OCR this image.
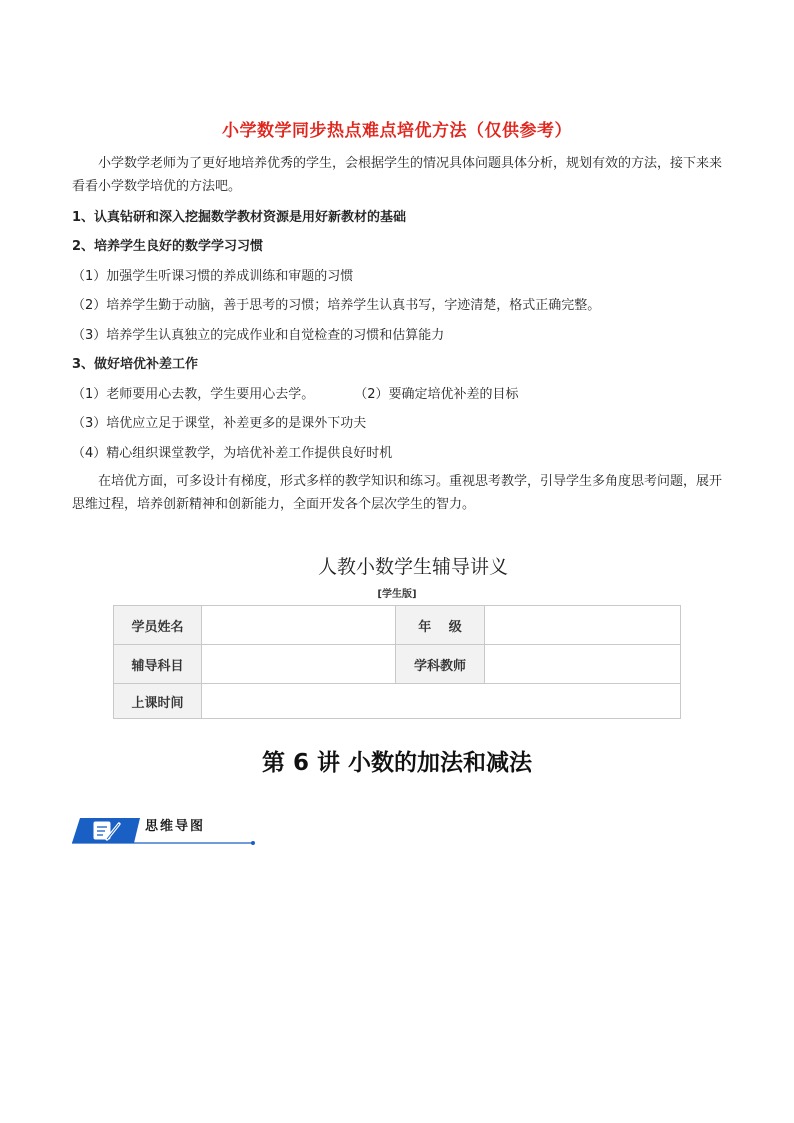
小学数学同步热点难点培优方法（仅供参考）
小学数学老师为了更好地培养优秀的学生，会根据学生的情况具体问题具体分析，规划有效的方法，接下来来看看小学数学培优的方法吧。
1、认真钻研和深入挖掘数学教材资源是用好新教材的基础
2、培养学生良好的数学学习习惯
（1）加强学生听课习惯的养成训练和审题的习惯
（2）培养学生勤于动脑，善于思考的习惯；培养学生认真书写，字迹清楚，格式正确完整。
（3）培养学生认真独立的完成作业和自觉检查的习惯和估算能力
3、做好培优补差工作
（1）老师要用心去教，学生要用心去学。	（2）要确定培优补差的目标
（3）培优应立足于课堂，补差更多的是课外下功夫
（4）精心组织课堂教学，为培优补差工作提供良好时机
在培优方面，可多设计有梯度，形式多样的教学知识和练习。重视思考教学，引导学生多角度思考问题，展开思维过程，培养创新精神和创新能力，全面开发各个层次学生的智力。
人教小数学生辅导讲义
[学生版]
学员姓名		年　 级	
辅导科目		学科教师	
上课时间			
第 6 讲 小数的加法和减法
思维导图
